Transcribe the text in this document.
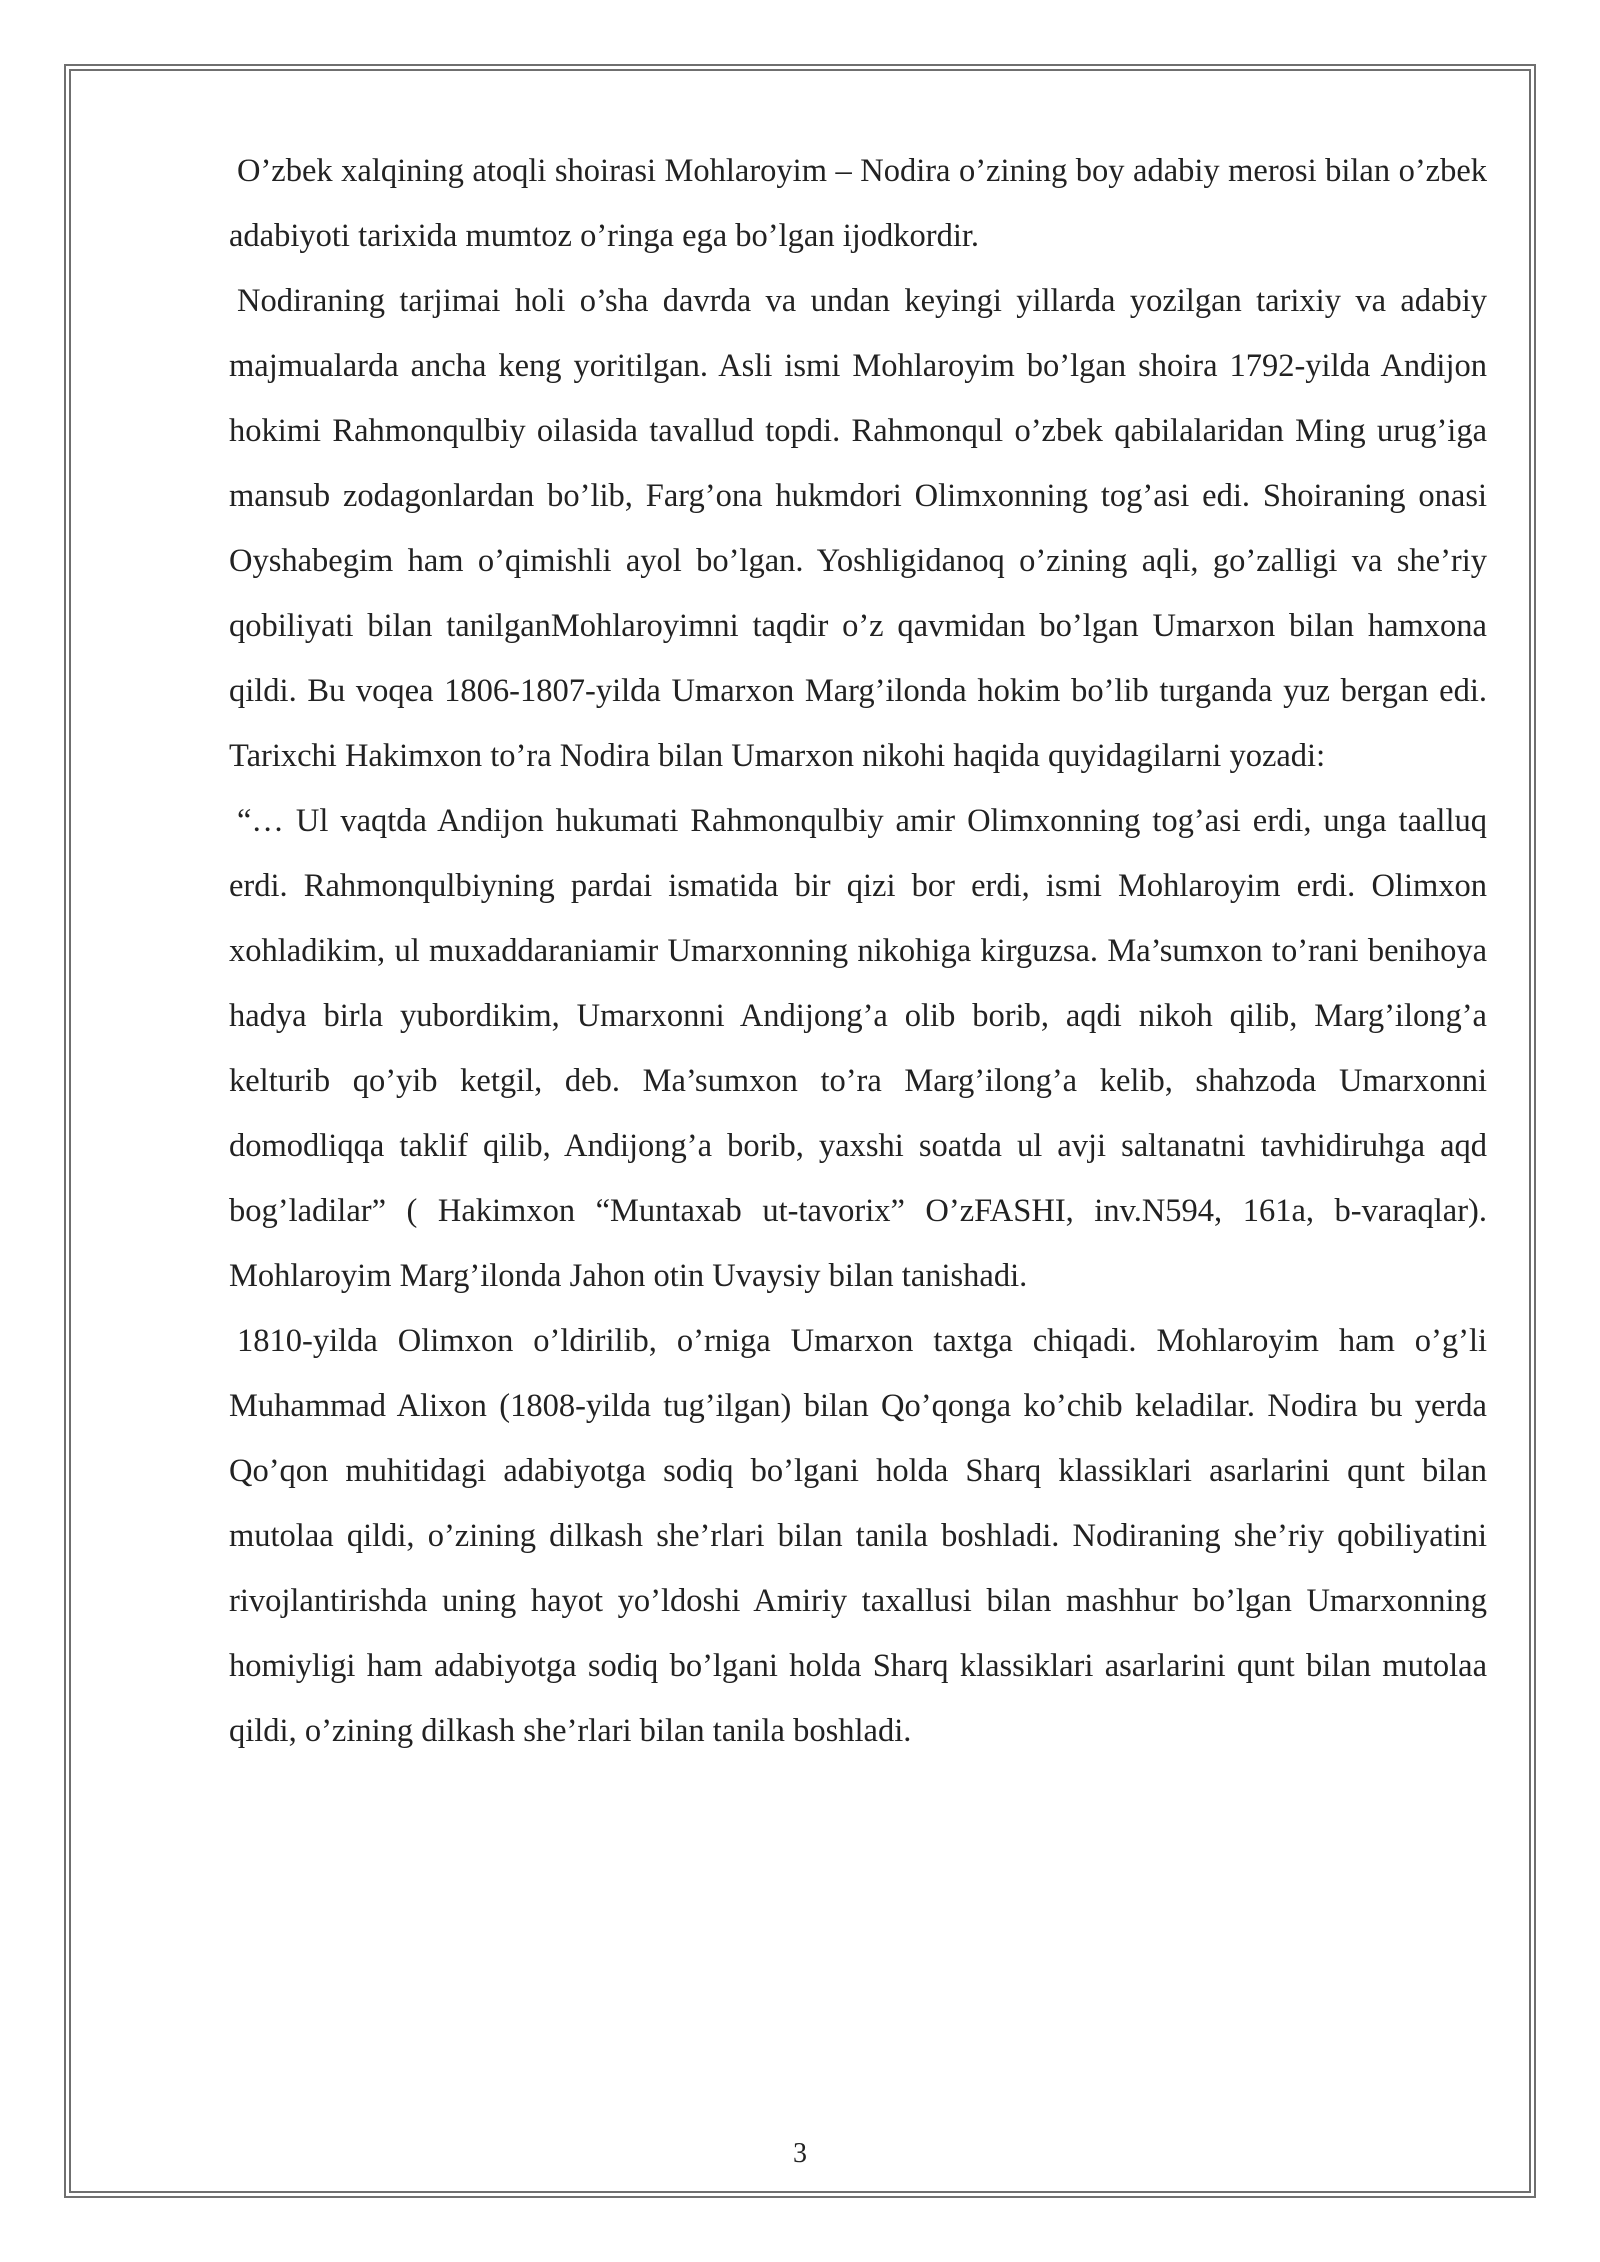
O’zbek xalqining atoqli shoirasi Mohlaroyim – Nodira o’zining boy adabiy merosi bilan o’zbek adabiyoti tarixida mumtoz o’ringa ega bo’lgan ijodkordir.

Nodiraning tarjimai holi o’sha davrda va undan keyingi yillarda yozilgan tarixiy va adabiy majmualarda ancha keng yoritilgan. Asli ismi Mohlaroyim bo’lgan shoira 1792-yilda Andijon hokimi Rahmonqulbiy oilasida tavallud topdi. Rahmonqul o’zbek qabilalaridan Ming urug’iga mansub zodagonlardan bo’lib, Farg’ona hukmdori Olimxonning tog’asi edi. Shoiraning onasi Oyshabegim ham o’qimishli ayol bo’lgan. Yoshligidanoq o’zining aqli, go’zalligi va she’riy qobiliyati bilan tanilganMohlaroyimni taqdir o’z qavmidan bo’lgan Umarxon bilan hamxona qildi. Bu voqea 1806-1807-yilda Umarxon Marg’ilonda hokim bo’lib turganda yuz bergan edi. Tarixchi Hakimxon to’ra Nodira bilan Umarxon nikohi haqida quyidagilarni yozadi:

“… Ul vaqtda Andijon hukumati Rahmonqulbiy amir Olimxonning tog’asi erdi, unga taalluq erdi. Rahmonqulbiyning pardai ismatida bir qizi bor erdi, ismi Mohlaroyim erdi. Olimxon xohladikim, ul muxaddaraniamir Umarxonning nikohiga kirguzsa. Ma’sumxon to’rani benihoya hadya birla yubordikim, Umarxonni Andijong’a olib borib, aqdi nikoh qilib, Marg’ilong’a kelturib qo’yib ketgil, deb. Ma’sumxon to’ra Marg’ilong’a kelib, shahzoda Umarxonni domodliqqa taklif qilib, Andijong’a borib, yaxshi soatda ul avji saltanatni tavhidiruhga aqd bog’ladilar” ( Hakimxon “Muntaxab ut-tavorix” O’zFASHI, inv.N594, 161a, b-varaqlar). Mohlaroyim Marg’ilonda Jahon otin Uvaysiy bilan tanishadi.

1810-yilda Olimxon o’ldirilib, o’rniga Umarxon taxtga chiqadi. Mohlaroyim ham o’g’li Muhammad Alixon (1808-yilda tug’ilgan) bilan Qo’qonga ko’chib keladilar. Nodira bu yerda Qo’qon muhitidagi adabiyotga sodiq bo’lgani holda Sharq klassiklari asarlarini qunt bilan mutolaa qildi, o’zining dilkash she’rlari bilan tanila boshladi. Nodiraning she’riy qobiliyatini rivojlantirishda uning hayot yo’ldoshi Amiriy taxallusi bilan mashhur bo’lgan Umarxonning homiyligi ham adabiyotga sodiq bo’lgani holda Sharq klassiklari asarlarini qunt bilan mutolaa qildi, o’zining dilkash she’rlari bilan tanila boshladi.

3
